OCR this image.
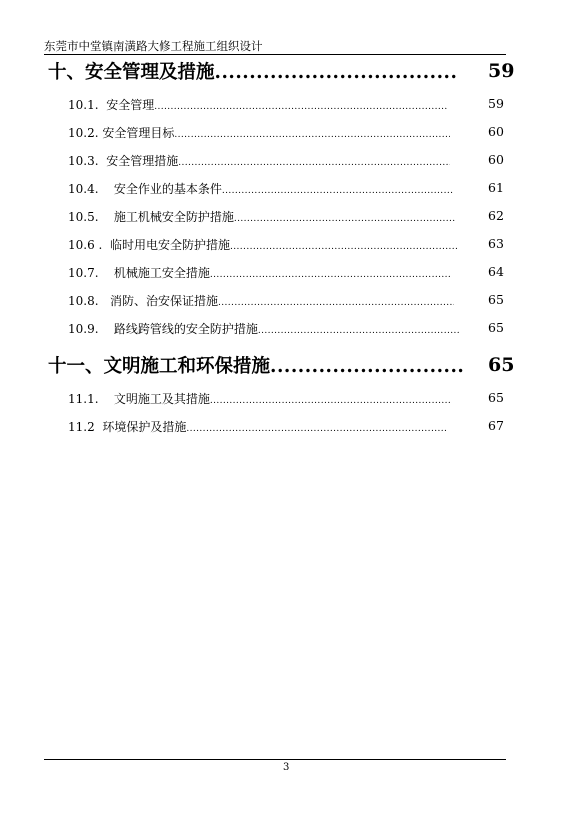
东莞市中堂镇南潢路大修工程施工组织设计
十、安全管理及措施 .....	59
10.1. 安全管理 .....	59
10.2. 安全管理目标 .....	60
10.3. 安全管理措施 .....	60
10.4. 安全作业的基本条件 .....	61
10.5. 施工机械安全防护措施 .....	62
10.6 . 临时用电安全防护措施 .....	63
10.7. 机械施工安全措施 .....	64
10.8. 消防、治安保证措施 .....	65
10.9. 路线跨管线的安全防护措施 .....	65
十一、文明施工和环保措施 .....	65
11.1. 文明施工及其措施 .....	65
11.2 环境保护及措施 .....	67
3
